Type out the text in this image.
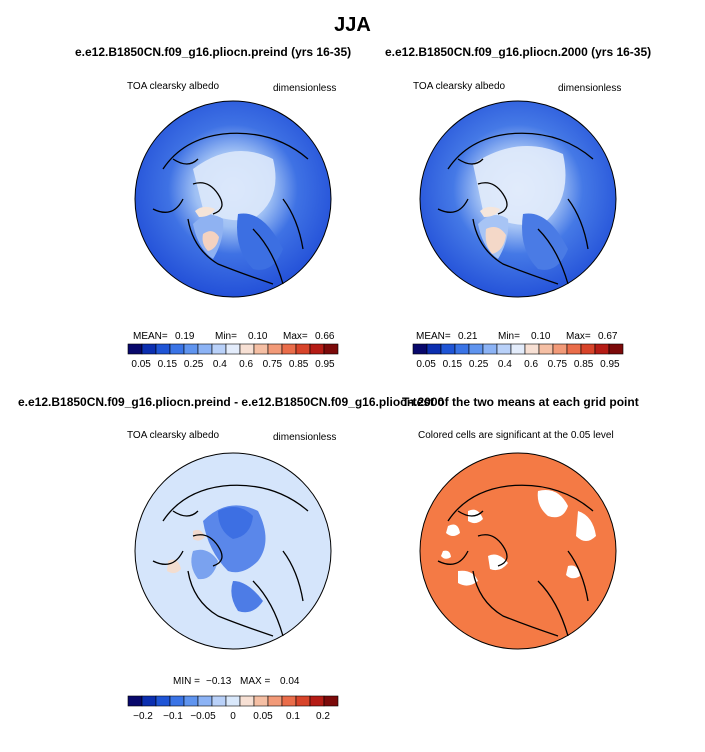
JJA
e.e12.B1850CN.f09_g16.pliocn.preind (yrs 16-35)
TOA clearsky albedo	dimensionless
MEAN= 0.19 Min= 0.10 Max= 0.66
0.05 0.15 0.25 0.4 0.6 0.75 0.85 0.95
e.e12.B1850CN.f09_g16.pliocn.2000 (yrs 16-35)
TOA clearsky albedo	dimensionless
MEAN= 0.21 Min= 0.10 Max= 0.67
0.05 0.15 0.25 0.4 0.6 0.75 0.85 0.95
e.e12.B1850CN.f09_g16.pliocn.preind - e.e12.B1850CN.f09_g16.pliocn.2000
TOA clearsky albedo	dimensionless
MIN = −0.13 MAX = 0.04
−0.2 −0.1 −0.05 0 0.05 0.1 0.2
T-test of the two means at each grid point
Colored cells are significant at the 0.05 level
